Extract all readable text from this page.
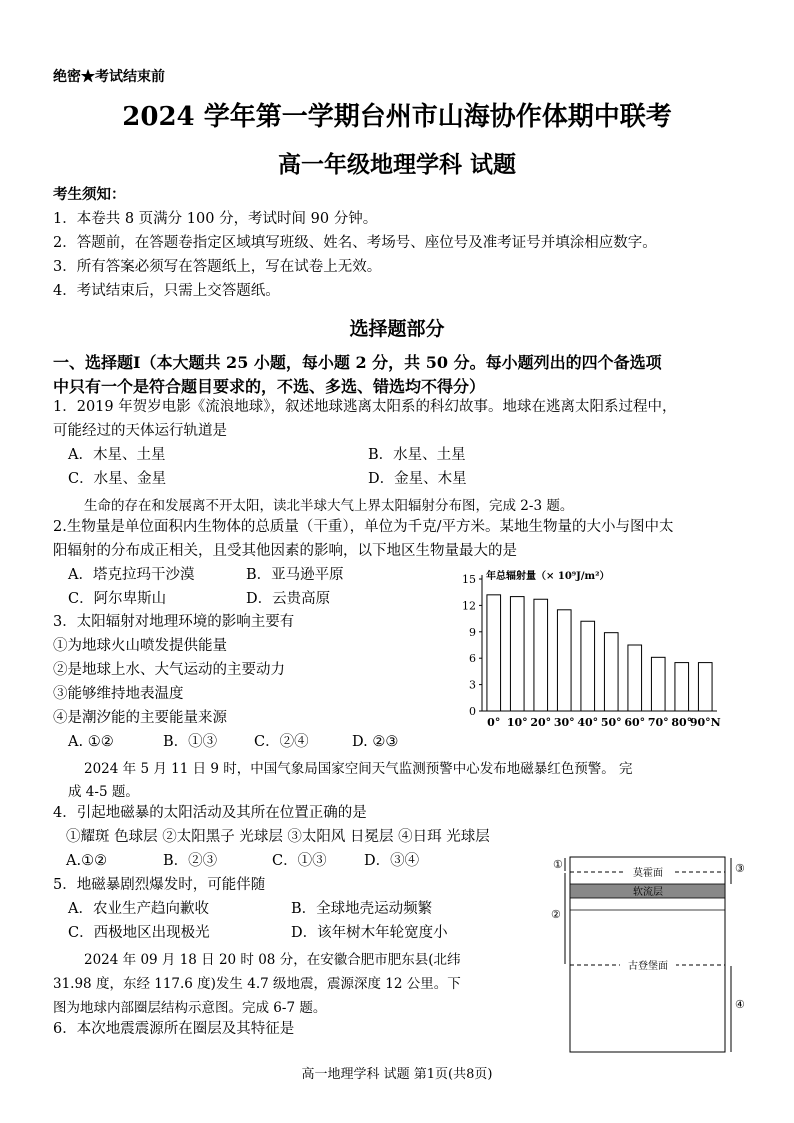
绝密★考试结束前
2024 学年第一学期台州市山海协作体期中联考
高一年级地理学科 试题
考生须知：
1．本卷共 8 页满分 100 分，考试时间 90 分钟。
2．答题前，在答题卷指定区域填写班级、姓名、考场号、座位号及准考证号并填涂相应数字。
3．所有答案必须写在答题纸上，写在试卷上无效。
4．考试结束后，只需上交答题纸。
选择题部分
一、选择题Ⅰ（本大题共 25 小题，每小题 2 分，共 50 分。每小题列出的四个备选项
中只有一个是符合题目要求的，不选、多选、错选均不得分）
1．2019 年贺岁电影《流浪地球》，叙述地球逃离太阳系的科幻故事。地球在逃离太阳系过程中，
可能经过的天体运行轨道是
A．木星、土星	B．水星、土星
C．水星、金星	D．金星、木星
生命的存在和发展离不开太阳，读北半球大气上界太阳辐射分布图，完成 2-3 题。
2.生物量是单位面积内生物体的总质量（干重），单位为千克/平方米。某地生物量的大小与图中太
阳辐射的分布成正相关，且受其他因素的影响，以下地区生物量最大的是
A．塔克拉玛干沙漠	B．亚马逊平原
C．阿尔卑斯山	D．云贵高原
3．太阳辐射对地理环境的影响主要有
①为地球火山喷发提供能量
②是地球上水、大气运动的主要动力
③能够维持地表温度
④是潮汐能的主要能量来源
A. ①②	B．①③	C．②④	D. ②③
0
3
6
9
12
15 年总辐射量（× 10⁹J/m²）
0° 10° 20° 30° 40° 50° 60° 70° 80°
90°N
2024 年 5 月 11 日 9 时，中国气象局国家空间天气监测预警中心发布地磁暴红色预警。 完
成 4-5 题。
4．引起地磁暴的太阳活动及其所在位置正确的是
①耀斑 色球层 ②太阳黑子 光球层 ③太阳风 日冕层 ④日珥 光球层
A.①②	B．②③	C．①③	D．③④
5．地磁暴剧烈爆发时，可能伴随
A．农业生产趋向歉收	B．全球地壳运动频繁
C．西极地区出现极光	D．该年树木年轮宽度小
2024 年 09 月 18 日 20 时 08 分，在安徽合肥市肥东县(北纬
31.98 度，东经 117.6 度)发生 4.7 级地震，震源深度 12 公里。下
图为地球内部圈层结构示意图。完成 6-7 题。
6．本次地震震源所在圈层及其特征是
莫霍面
软流层
古登堡面
①
②
③
④
高一地理学科 试题 第1页(共8页)
